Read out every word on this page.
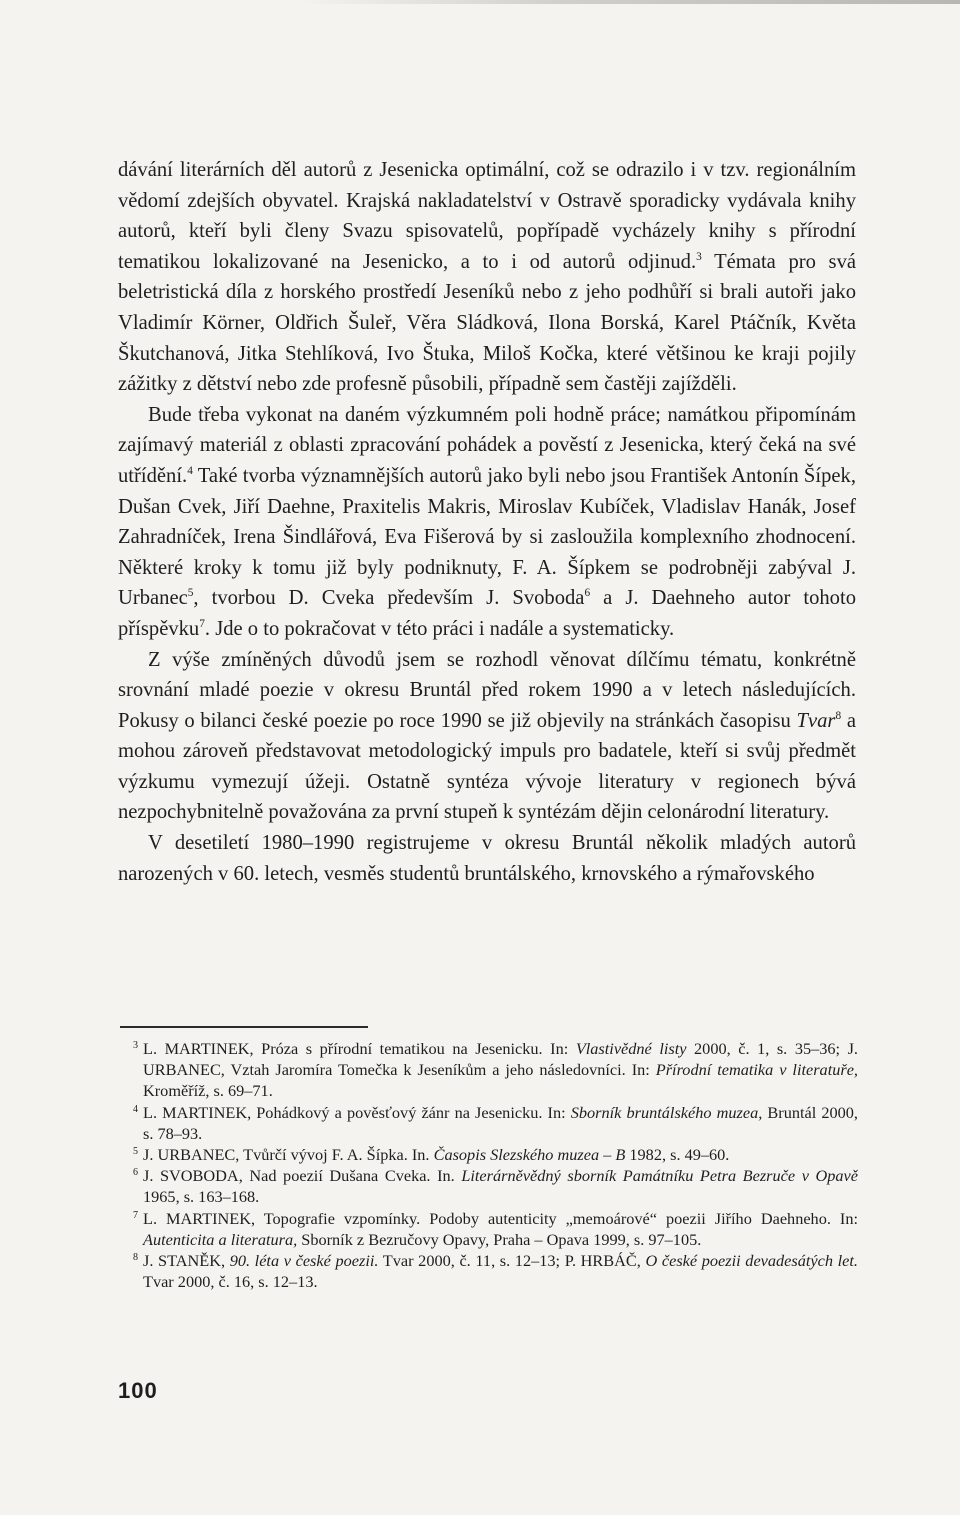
dávání literárních děl autorů z Jesenicka optimální, což se odrazilo i v tzv. regionálním vědomí zdejších obyvatel. Krajská nakladatelství v Ostravě sporadicky vydávala knihy autorů, kteří byli členy Svazu spisovatelů, popřípadě vycházely knihy s přírodní tematikou lokalizované na Jesenicko, a to i od autorů odjinud.$^3$ Témata pro svá beletristická díla z horského prostředí Jeseníků nebo z jeho podhůří si brali autoři jako Vladimír Körner, Oldřich Šuleř, Věra Sládková, Ilona Borská, Karel Ptáčník, Květa Škutchanová, Jitka Stehlíková, Ivo Štuka, Miloš Kočka, které většinou ke kraji pojily zážitky z dětství nebo zde profesně působili, případně sem častěji zajížděli.

Bude třeba vykonat na daném výzkumném poli hodně práce; namátkou připomínám zajímavý materiál z oblasti zpracování pohádek a pověstí z Jesenicka, který čeká na své utřídění.$^4$ Také tvorba významnějších autorů jako byli nebo jsou František Antonín Šípek, Dušan Cvek, Jiří Daehne, Praxitelis Makris, Miroslav Kubíček, Vladislav Hanák, Josef Zahradníček, Irena Šindlářová, Eva Fišerová by si zasloužila komplexního zhodnocení. Některé kroky k tomu již byly podniknuty, F. A. Šípkem se podrobněji zabýval J. Urbanec$^5$, tvorbou D. Cveka především J. Svoboda$^6$ a J. Daehneho autor tohoto příspěvku$^7$. Jde o to pokračovat v této práci i nadále a systematicky.

Z výše zmíněných důvodů jsem se rozhodl věnovat dílčímu tématu, konkrétně srovnání mladé poezie v okresu Bruntál před rokem 1990 a v letech následujících. Pokusy o bilanci české poezie po roce 1990 se již objevily na stránkách časopisu Tvar$^8$ a mohou zároveň představovat metodologický impuls pro badatele, kteří si svůj předmět výzkumu vymezují úžeji. Ostatně syntéza vývoje literatury v regionech bývá nezpochybnitelně považována za první stupeň k syntézám dějin celonárodní literatury.

V desetiletí 1980–1990 registrujeme v okresu Bruntál několik mladých autorů narozených v 60. letech, vesměs studentů bruntálského, krnovského a rýmařovského

3 L. MARTINEK, Próza s přírodní tematikou na Jesenicku. In: Vlastivědné listy 2000, č. 1, s. 35–36; J. URBANEC, Vztah Jaromíra Tomečka k Jeseníkům a jeho následovníci. In: Přírodní tematika v literatuře, Kroměříž, s. 69–71.

4 L. MARTINEK, Pohádkový a pověsťový žánr na Jesenicku. In: Sborník bruntálského muzea, Bruntál 2000, s. 78–93.

5 J. URBANEC, Tvůrčí vývoj F. A. Šípka. In. Časopis Slezského muzea – B 1982, s. 49–60.

6 J. SVOBODA, Nad poezií Dušana Cveka. In. Literárněvědný sborník Památníku Petra Bezruče v Opavě 1965, s. 163–168.

7 L. MARTINEK, Topografie vzpomínky. Podoby autenticity „memoárové“ poezii Jiřího Daehneho. In: Autenticita a literatura, Sborník z Bezručovy Opavy, Praha – Opava 1999, s. 97–105.

8 J. STANĚK, 90. léta v české poezii. Tvar 2000, č. 11, s. 12–13; P. HRBÁČ, O české poezii devadesátých let. Tvar 2000, č. 16, s. 12–13.

100
